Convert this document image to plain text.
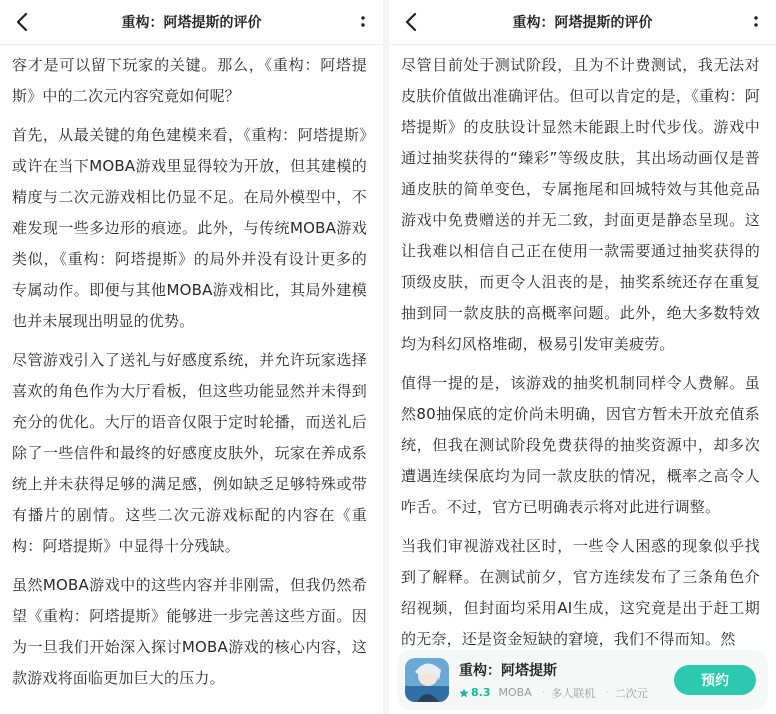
重构：阿塔提斯的评价

容才是可以留下玩家的关键。那么，《重构：阿塔提斯》中的二次元内容究竟如何呢？

首先，从最关键的角色建模来看，《重构：阿塔提斯》或许在当下MOBA游戏里显得较为开放，但其建模的精度与二次元游戏相比仍显不足。在局外模型中，不难发现一些多边形的痕迹。此外，与传统MOBA游戏类似，《重构：阿塔提斯》的局外并没有设计更多的专属动作。即便与其他MOBA游戏相比，其局外建模也并未展现出明显的优势。

尽管游戏引入了送礼与好感度系统，并允许玩家选择喜欢的角色作为大厅看板，但这些功能显然并未得到充分的优化。大厅的语音仅限于定时轮播，而送礼后除了一些信件和最终的好感度皮肤外，玩家在养成系统上并未获得足够的满足感，例如缺乏足够特殊或带有播片的剧情。这些二次元游戏标配的内容在《重构：阿塔提斯》中显得十分残缺。

虽然MOBA游戏中的这些内容并非刚需，但我仍然希望《重构：阿塔提斯》能够进一步完善这些方面。因为一旦我们开始深入探讨MOBA游戏的核心内容，这款游戏将面临更加巨大的压力。

重构：阿塔提斯的评价

尽管目前处于测试阶段，且为不计费测试，我无法对皮肤价值做出准确评估。但可以肯定的是，《重构：阿塔提斯》的皮肤设计显然未能跟上时代步伐。游戏中通过抽奖获得的“臻彩”等级皮肤，其出场动画仅是普通皮肤的简单变色，专属拖尾和回城特效与其他竞品游戏中免费赠送的并无二致，封面更是静态呈现。这让我难以相信自己正在使用一款需要通过抽奖获得的顶级皮肤，而更令人沮丧的是，抽奖系统还存在重复抽到同一款皮肤的高概率问题。此外，绝大多数特效均为科幻风格堆砌，极易引发审美疲劳。

值得一提的是，该游戏的抽奖机制同样令人费解。虽然80抽保底的定价尚未明确，因官方暂未开放充值系统，但我在测试阶段免费获得的抽奖资源中，却多次遭遇连续保底均为同一款皮肤的情况，概率之高令人咋舌。不过，官方已明确表示将对此进行调整。

当我们审视游戏社区时，一些令人困惑的现象似乎找到了解释。在测试前夕，官方连续发布了三条角色介绍视频，但封面均采用AI生成，这究竟是出于赶工期的无奈，还是资金短缺的窘境，我们不得而知。然

重构：阿塔提斯
8.3 MOBA · 多人联机 · 二次元
预约
